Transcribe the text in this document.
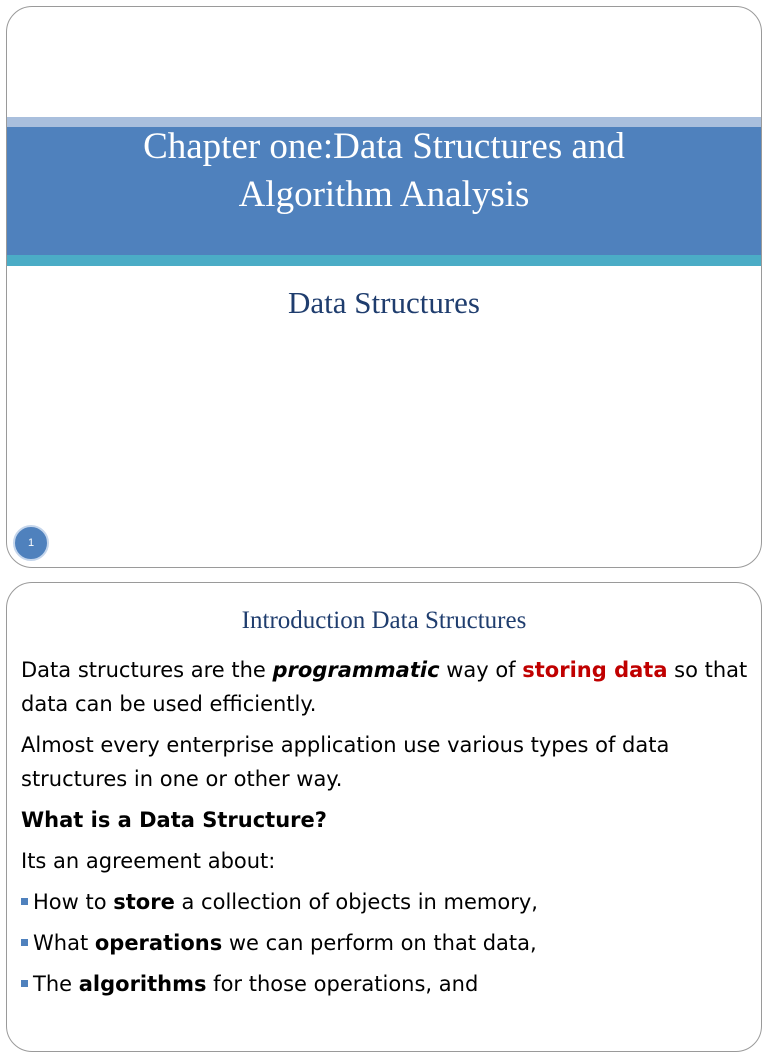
Chapter one:Data Structures and
Algorithm Analysis
Data Structures
1
Introduction Data Structures

Data structures are the programmatic way of storing data so that data can be used efficiently.

Almost every enterprise application use various types of data structures in one or other way.

What is a Data Structure?

Its an agreement about:

How to store a collection of objects in memory,

What operations we can perform on that data,

The algorithms for those operations, and
